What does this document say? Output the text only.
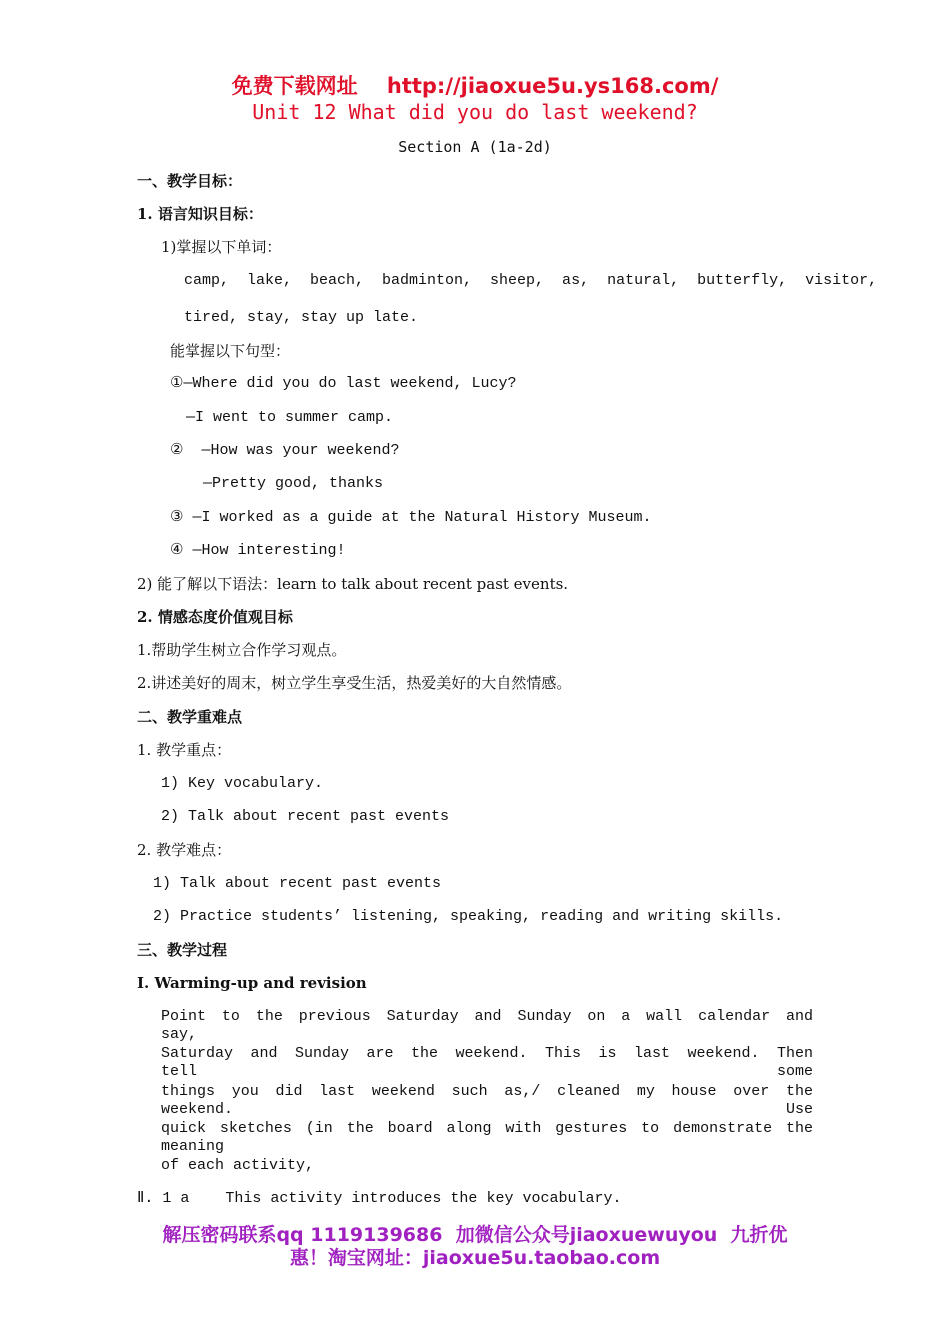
免费下载网址    http://jiaoxue5u.ys168.com/
Unit 12 What did you do last weekend?
Section A (1a-2d)
一、教学目标：
1. 语言知识目标：
1)掌握以下单词：
camp,  lake,  beach,  badminton,  sheep,  as,  natural,  butterfly,  visitor,
tired, stay, stay up late.
能掌握以下句型：
①—Where did you do last weekend, Lucy?
—I went to summer camp.
②  —How was your weekend?
—Pretty good, thanks
③ —I worked as a guide at the Natural History Museum.
④ —How interesting!
2) 能了解以下语法：learn to talk about recent past events.
2. 情感态度价值观目标
1.帮助学生树立合作学习观点。
2.讲述美好的周末，树立学生享受生活，热爱美好的大自然情感。
二、教学重难点
1. 教学重点：
1) Key vocabulary.
2) Talk about recent past events
2. 教学难点：
1) Talk about recent past events
2) Practice students’ listening, speaking, reading and writing skills.
三、教学过程
Ⅰ. Warming-up and revision
Point to the previous Saturday and Sunday on a wall calendar and say,
Saturday and Sunday are the weekend. This is last weekend. Then tell some
things you did last weekend such as,/ cleaned my house over the weekend. Use
quick sketches (in the board along with gestures to demonstrate the meaning
of each activity,
Ⅱ. 1 a    This activity introduces the key vocabulary.
解压密码联系qq 1119139686  加微信公众号jiaoxuewuyou  九折优
惠！淘宝网址：jiaoxue5u.taobao.com
